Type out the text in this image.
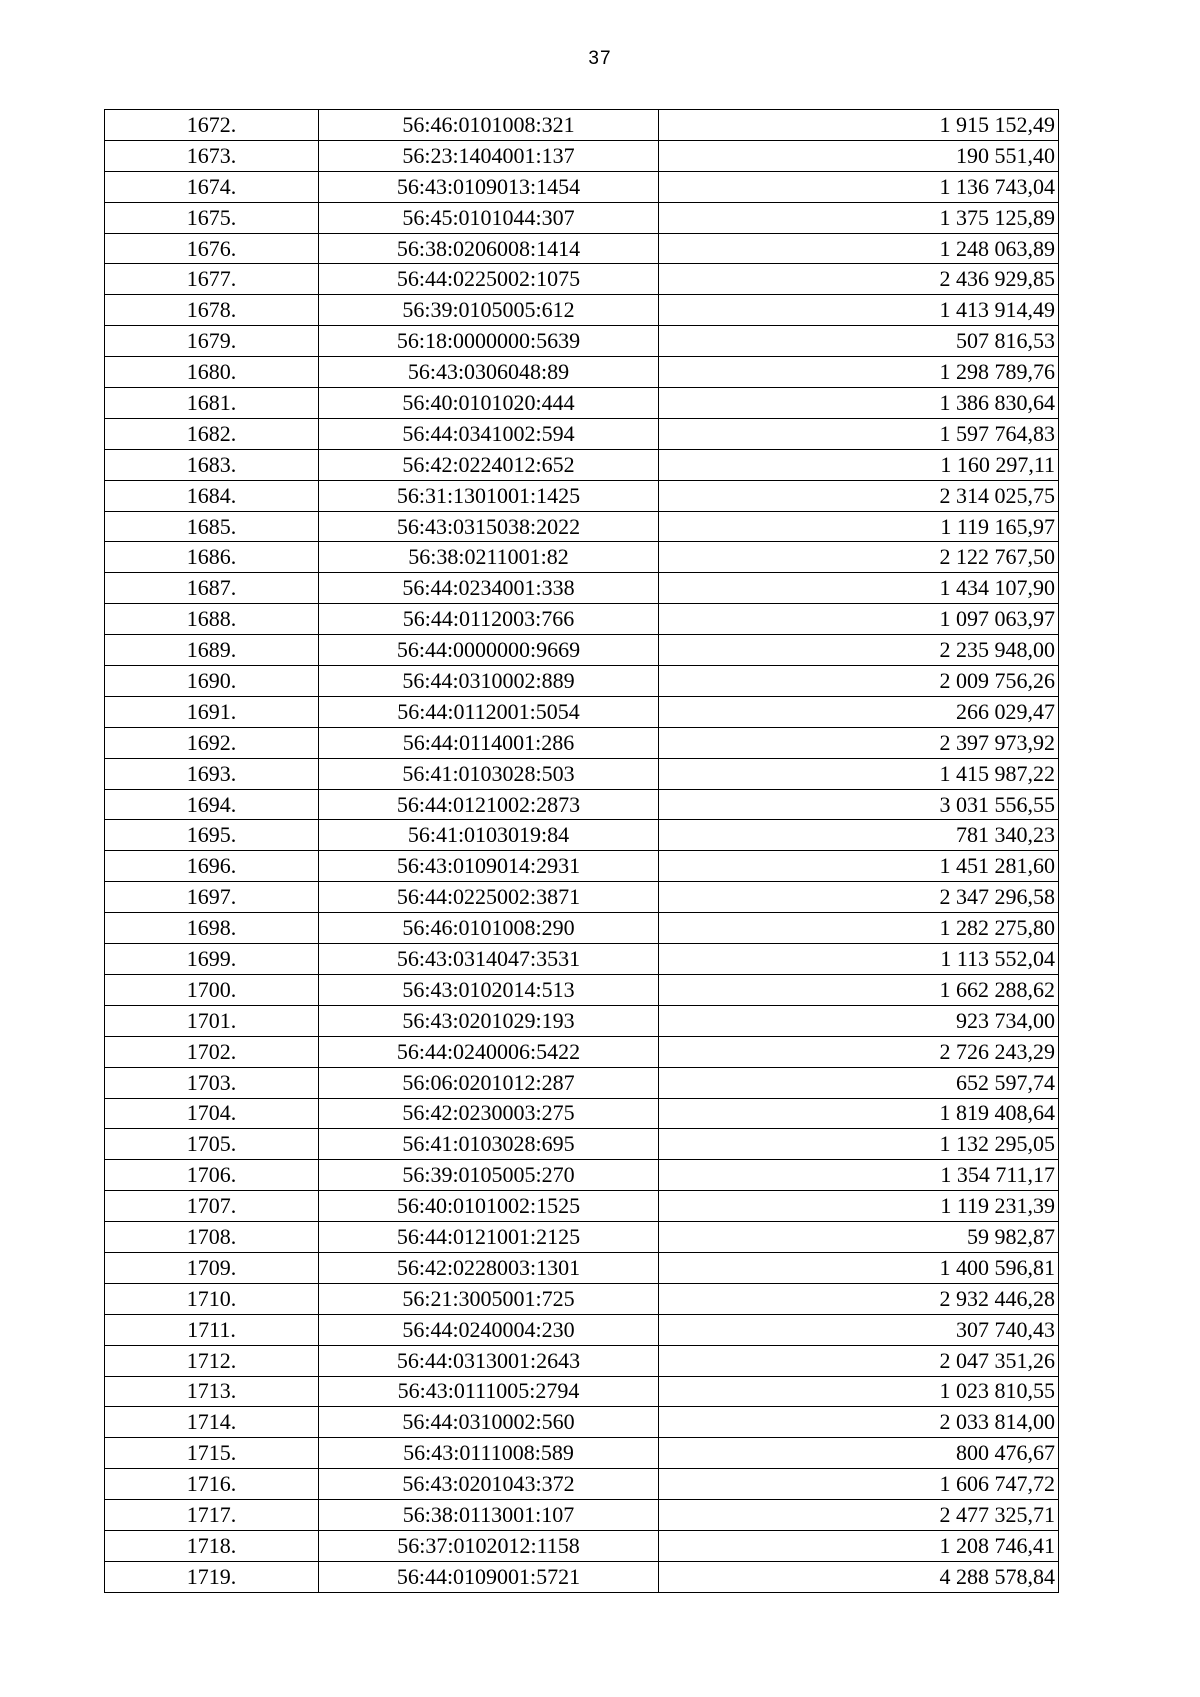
37
1672.	56:46:0101008:321	1 915 152,49
1673.	56:23:1404001:137	190 551,40
1674.	56:43:0109013:1454	1 136 743,04
1675.	56:45:0101044:307	1 375 125,89
1676.	56:38:0206008:1414	1 248 063,89
1677.	56:44:0225002:1075	2 436 929,85
1678.	56:39:0105005:612	1 413 914,49
1679.	56:18:0000000:5639	507 816,53
1680.	56:43:0306048:89	1 298 789,76
1681.	56:40:0101020:444	1 386 830,64
1682.	56:44:0341002:594	1 597 764,83
1683.	56:42:0224012:652	1 160 297,11
1684.	56:31:1301001:1425	2 314 025,75
1685.	56:43:0315038:2022	1 119 165,97
1686.	56:38:0211001:82	2 122 767,50
1687.	56:44:0234001:338	1 434 107,90
1688.	56:44:0112003:766	1 097 063,97
1689.	56:44:0000000:9669	2 235 948,00
1690.	56:44:0310002:889	2 009 756,26
1691.	56:44:0112001:5054	266 029,47
1692.	56:44:0114001:286	2 397 973,92
1693.	56:41:0103028:503	1 415 987,22
1694.	56:44:0121002:2873	3 031 556,55
1695.	56:41:0103019:84	781 340,23
1696.	56:43:0109014:2931	1 451 281,60
1697.	56:44:0225002:3871	2 347 296,58
1698.	56:46:0101008:290	1 282 275,80
1699.	56:43:0314047:3531	1 113 552,04
1700.	56:43:0102014:513	1 662 288,62
1701.	56:43:0201029:193	923 734,00
1702.	56:44:0240006:5422	2 726 243,29
1703.	56:06:0201012:287	652 597,74
1704.	56:42:0230003:275	1 819 408,64
1705.	56:41:0103028:695	1 132 295,05
1706.	56:39:0105005:270	1 354 711,17
1707.	56:40:0101002:1525	1 119 231,39
1708.	56:44:0121001:2125	59 982,87
1709.	56:42:0228003:1301	1 400 596,81
1710.	56:21:3005001:725	2 932 446,28
1711.	56:44:0240004:230	307 740,43
1712.	56:44:0313001:2643	2 047 351,26
1713.	56:43:0111005:2794	1 023 810,55
1714.	56:44:0310002:560	2 033 814,00
1715.	56:43:0111008:589	800 476,67
1716.	56:43:0201043:372	1 606 747,72
1717.	56:38:0113001:107	2 477 325,71
1718.	56:37:0102012:1158	1 208 746,41
1719.	56:44:0109001:5721	4 288 578,84
